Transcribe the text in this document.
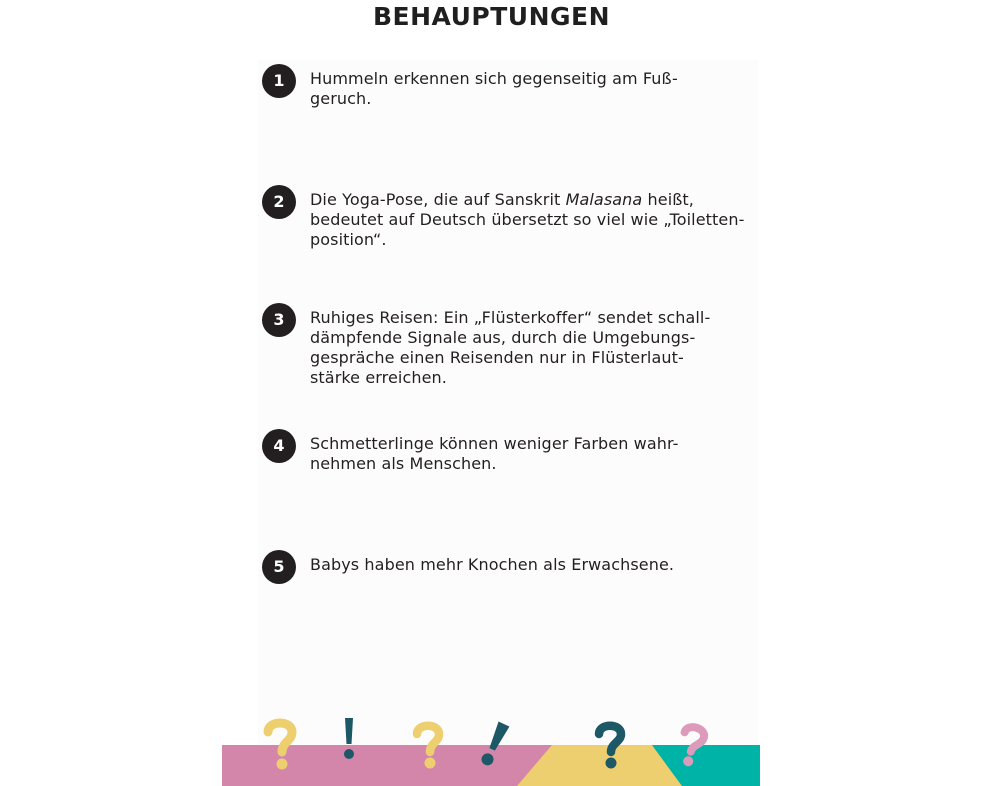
BEHAUPTUNGEN
1	Hummeln erkennen sich gegenseitig am Fuß-
geruch.
2	Die Yoga-Pose, die auf Sanskrit Malasana heißt,
bedeutet auf Deutsch übersetzt so viel wie „Toiletten-
position“.
3	Ruhiges Reisen: Ein „Flüsterkoffer“ sendet schall-
dämpfende Signale aus, durch die Umgebungs-
gespräche einen Reisenden nur in Flüsterlaut-
stärke erreichen.
4	Schmetterlinge können weniger Farben wahr-
nehmen als Menschen.
5	Babys haben mehr Knochen als Erwachsene.
